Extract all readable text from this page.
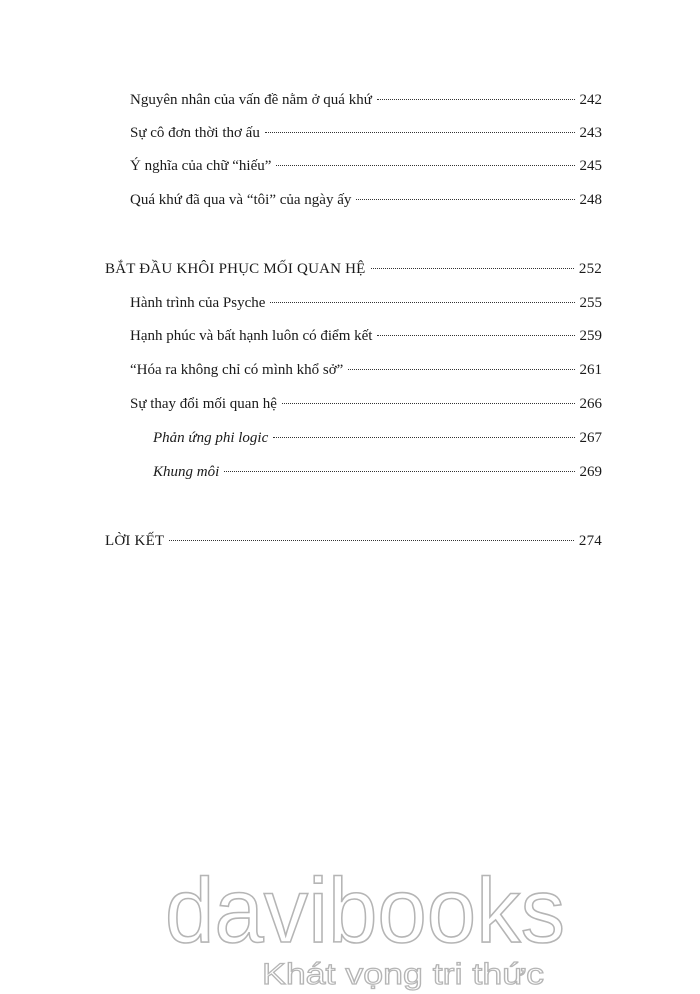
Nguyên nhân của vấn đề nằm ở quá khứ	242
Sự cô đơn thời thơ ấu	243
Ý nghĩa của chữ “hiếu”	245
Quá khứ đã qua và “tôi” của ngày ấy	248
BẮT ĐẦU KHÔI PHỤC MỐI QUAN HỆ	252
Hành trình của Psyche	255
Hạnh phúc và bất hạnh luôn có điểm kết	259
“Hóa ra không chỉ có mình khổ sở”	261
Sự thay đổi mối quan hệ	266
Phản ứng phi logic	267
Khung môi	269
LỜI KẾT	274
davibooks
Khát vọng tri thức
